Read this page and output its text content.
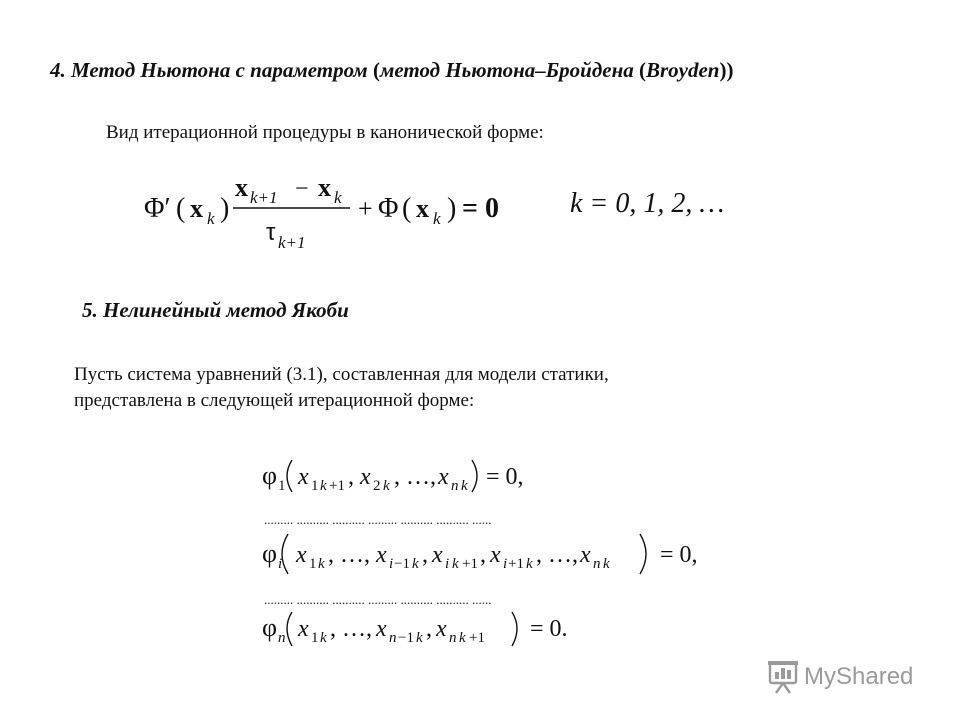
4. Метод Ньютона с параметром (метод Ньютона–Бройдена (Broyden))
Вид итерационной процедуры в канонической форме:
Φ′ ( x k )
x k+1 − x k
τ k+1
+ Φ ( x k ) = 0	k = 0, 1, 2, …
5. Нелинейный метод Якоби
Пусть система уравнений (3.1), составленная для модели статики,
представлена в следующей итерационной форме:
φ 1 x 1 k +1 , x 2 k , …, x n k = 0,
......... .......... .......... ......... .......... .......... ......
φ i x 1 k , …, x i −1 k , x i k +1 , x i +1 k , …, x n k = 0,
......... .......... .......... ......... .......... .......... ......
φ n x 1 k , …, x n −1 k , x n k +1 = 0.
MyShared
